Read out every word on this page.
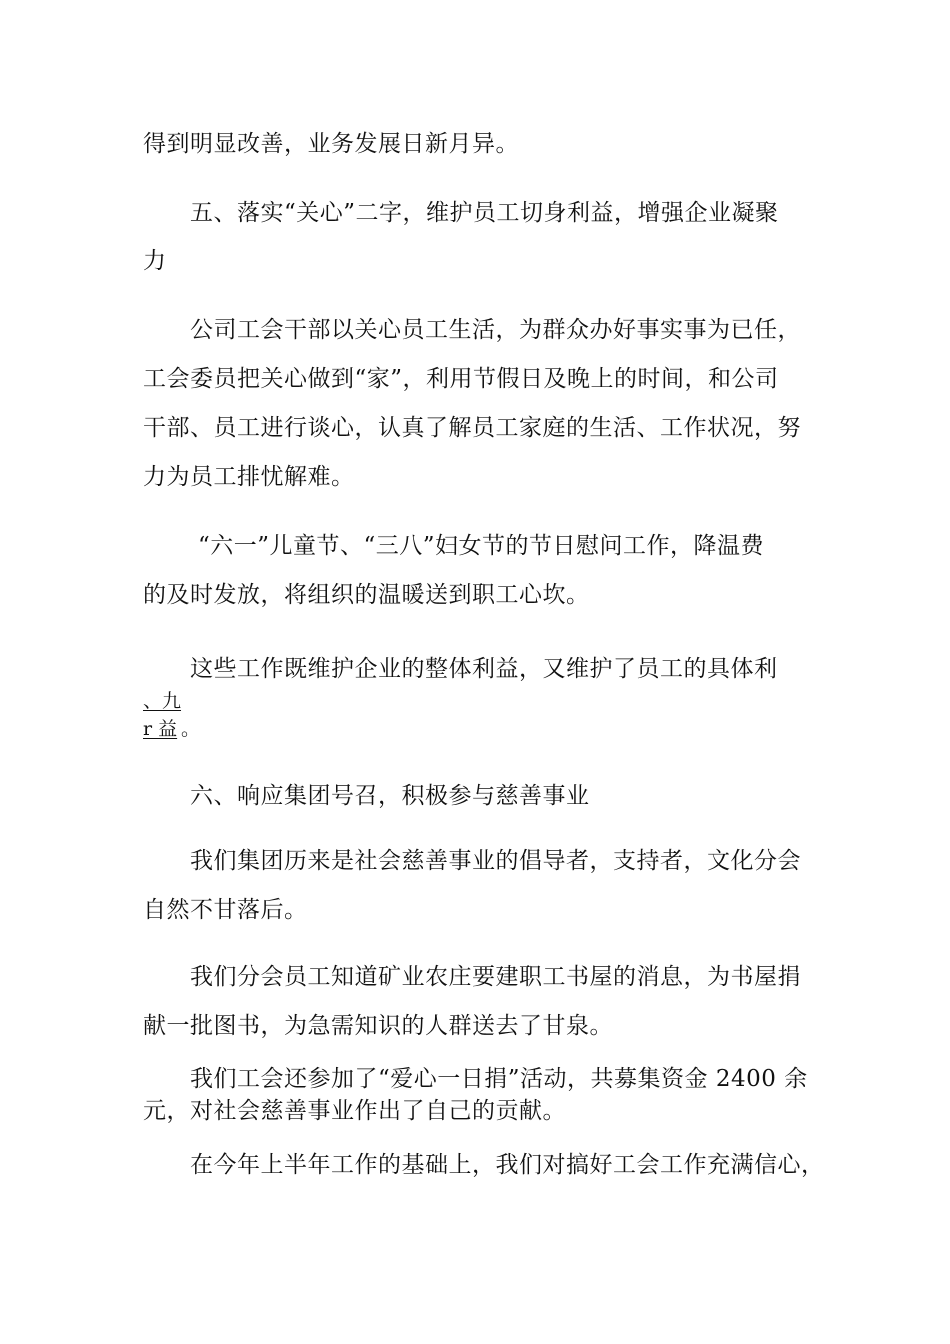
得到明显改善，业务发展日新月异。
五、落实“关心”二字，维护员工切身利益，增强企业凝聚
力
公司工会干部以关心员工生活，为群众办好事实事为已任，
工会委员把关心做到“家”，利用节假日及晚上的时间，和公司
干部、员工进行谈心，认真了解员工家庭的生活、工作状况，努
力为员工排忧解难。
“六一”儿童节、“三八”妇女节的节日慰问工作，降温费
的及时发放，将组织的温暖送到职工心坎。
这些工作既维护企业的整体利益，又维护了员工的具体利
、九
r 益 。
六、响应集团号召，积极参与慈善事业
我们集团历来是社会慈善事业的倡导者，支持者，文化分会
自然不甘落后。
我们分会员工知道矿业农庄要建职工书屋的消息，为书屋捐
献一批图书，为急需知识的人群送去了甘泉。
我们工会还参加了“爱心一日捐”活动，共募集资金 2400 余
元，对社会慈善事业作出了自己的贡献。
在今年上半年工作的基础上，我们对搞好工会工作充满信心，
